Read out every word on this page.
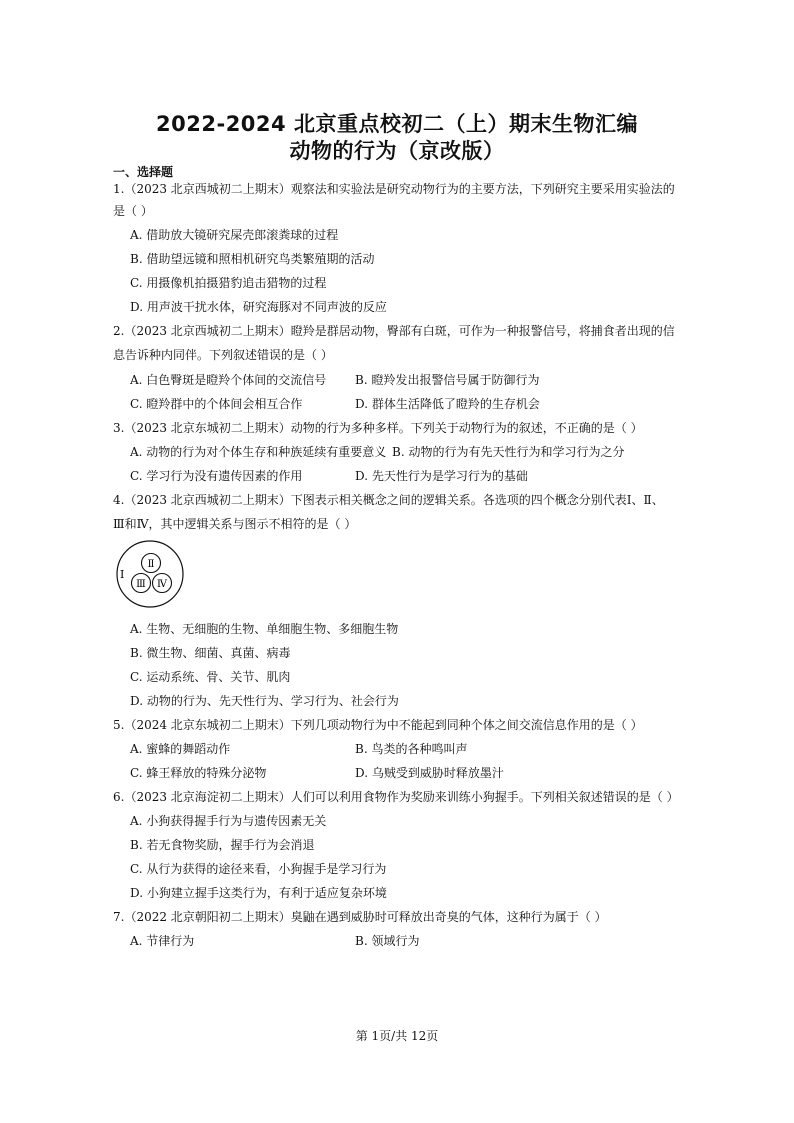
2022-2024 北京重点校初二（上）期末生物汇编
动物的行为（京改版）
一、选择题
1.（2023 北京西城初二上期末）观察法和实验法是研究动物行为的主要方法，下列研究主要采用实验法的
是（ ）
A. 借助放大镜研究屎壳郎滚粪球的过程
B. 借助望远镜和照相机研究鸟类繁殖期的活动
C. 用摄像机拍摄猎豹追击猎物的过程
D. 用声波干扰水体，研究海豚对不同声波的反应
2.（2023 北京西城初二上期末）瞪羚是群居动物，臀部有白斑，可作为一种报警信号，将捕食者出现的信
息告诉种内同伴。下列叙述错误的是（ ）
A. 白色臀斑是瞪羚个体间的交流信号 B. 瞪羚发出报警信号属于防御行为
C. 瞪羚群中的个体间会相互合作	D. 群体生活降低了瞪羚的生存机会
3.（2023 北京东城初二上期末）动物的行为多种多样。下列关于动物行为的叙述，不正确的是（ ）
A. 动物的行为对个体生存和种族延续有重要意义 B. 动物的行为有先天性行为和学习行为之分
C. 学习行为没有遗传因素的作用	D. 先天性行为是学习行为的基础
4.（2023 北京西城初二上期末）下图表示相关概念之间的逻辑关系。各选项的四个概念分别代表Ⅰ、Ⅱ、
Ⅲ和Ⅳ，其中逻辑关系与图示不相符的是（ ）
Ⅰ
Ⅱ
Ⅲ Ⅳ
A. 生物、无细胞的生物、单细胞生物、多细胞生物
B. 微生物、细菌、真菌、病毒
C. 运动系统、骨、关节、肌肉
D. 动物的行为、先天性行为、学习行为、社会行为
5.（2024 北京东城初二上期末）下列几项动物行为中不能起到同种个体之间交流信息作用的是（ ）
A. 蜜蜂的舞蹈动作	B. 鸟类的各种鸣叫声
C. 蜂王释放的特殊分泌物	D. 乌贼受到威胁时释放墨汁
6.（2023 北京海淀初二上期末）人们可以利用食物作为奖励来训练小狗握手。下列相关叙述错误的是（ ）
A. 小狗获得握手行为与遗传因素无关
B. 若无食物奖励，握手行为会消退
C. 从行为获得的途径来看，小狗握手是学习行为
D. 小狗建立握手这类行为，有利于适应复杂环境
7.（2022 北京朝阳初二上期末）臭鼬在遇到威胁时可释放出奇臭的气体，这种行为属于（ ）
A. 节律行为	B. 领域行为
第 1页/共 12页
